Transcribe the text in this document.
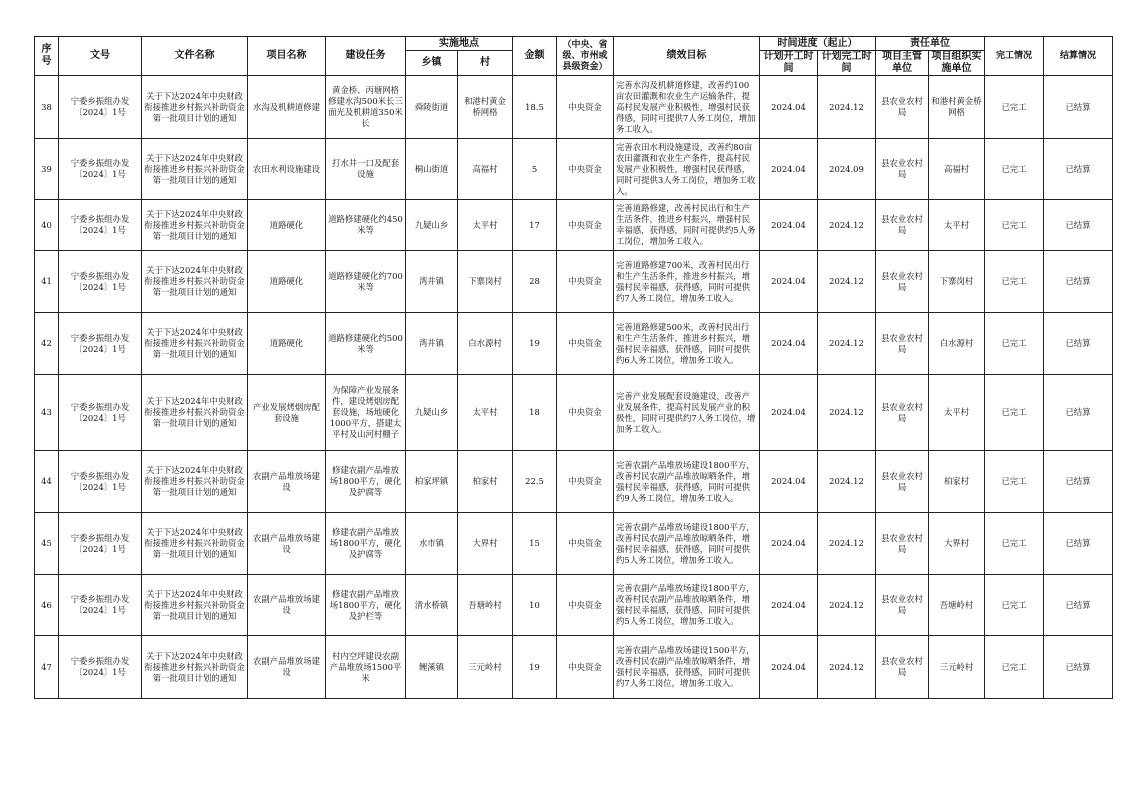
序号	文号	文件名称	项目名称	建设任务	实施地点		金额	（中央、省级、市州或县级资金）	绩效目标	时间进度（起止）		责任单位		完工情况	结算情况
					乡镇	村				计划开工时间	计划完工时间	项目主管单位	项目组织实施单位		
38	宁委乡振组办发〔2024〕1号	关于下达2024年中央财政衔接推进乡村振兴补助资金第一批项目计划的通知	水沟及机耕道修建	黄金桥、丙塘网格修建水沟500米长三面光及机耕道350米长	舜陵街道	和港村黄金桥网格	18.5	中央资金	完善水沟及机耕道修建，改善约100亩农田灌溉和农业生产运输条件，提高村民发展产业积极性，增强村民获得感，同时可提供7人务工岗位，增加务工收入。	2024.04	2024.12	县农业农村局	和港村黄金桥网格	已完工	已结算
39	宁委乡振组办发〔2024〕1号	关于下达2024年中央财政衔接推进乡村振兴补助资金第一批项目计划的通知	农田水利设施建设	打水井一口及配套设施	桐山街道	高福村	5	中央资金	完善农田水利设施建设，改善约80亩农田灌溉和农业生产条件，提高村民发展产业积极性，增强村民获得感，同时可提供3人务工岗位，增加务工收入。	2024.04	2024.09	县农业农村局	高福村	已完工	已结算
40	宁委乡振组办发〔2024〕1号	关于下达2024年中央财政衔接推进乡村振兴补助资金第一批项目计划的通知	道路硬化	道路修建硬化约450米等	九疑山乡	太平村	17	中央资金	完善道路修建，改善村民出行和生产生活条件，推进乡村振兴，增强村民幸福感，获得感，同时可提供约5人务工岗位，增加务工收入。	2024.04	2024.12	县农业农村局	太平村	已完工	已结算
41	宁委乡振组办发〔2024〕1号	关于下达2024年中央财政衔接推进乡村振兴补助资金第一批项目计划的通知	道路硬化	道路修建硬化约700米等	湾井镇	下寨岗村	28	中央资金	完善道路修建700米，改善村民出行和生产生活条件，推进乡村振兴，增强村民幸福感，获得感，同时可提供约7人务工岗位，增加务工收入。	2024.04	2024.12	县农业农村局	下寨岗村	已完工	已结算
42	宁委乡振组办发〔2024〕1号	关于下达2024年中央财政衔接推进乡村振兴补助资金第一批项目计划的通知	道路硬化	道路修建硬化约500米等	湾井镇	白水源村	19	中央资金	完善道路修建500米，改善村民出行和生产生活条件，推进乡村振兴，增强村民幸福感，获得感，同时可提供约6人务工岗位，增加务工收入。	2024.04	2024.12	县农业农村局	白水源村	已完工	已结算
43	宁委乡振组办发〔2024〕1号	关于下达2024年中央财政衔接推进乡村振兴补助资金第一批项目计划的通知	产业发展烤烟房配套设施	为保障产业发展条件，建设烤烟房配套设施，场地硬化1000平方，搭建太平村及山河村棚子	九疑山乡	太平村	18	中央资金	完善产业发展配套设施建设，改善产业发展条件，提高村民发展产业的积极性，同时可提供约7人务工岗位，增加务工收入。	2024.04	2024.12	县农业农村局	太平村	已完工	已结算
44	宁委乡振组办发〔2024〕1号	关于下达2024年中央财政衔接推进乡村振兴补助资金第一批项目计划的通知	农副产品堆放场建设	修建农副产品堆放场1800平方，硬化及护腐等	柏家坪镇	柏家村	22.5	中央资金	完善农副产品堆放场建设1800平方，改善村民农副产品堆放晾晒条件，增强村民幸福感，获得感，同时可提供约9人务工岗位，增加务工收入。	2024.04	2024.12	县农业农村局	柏家村	已完工	已结算
45	宁委乡振组办发〔2024〕1号	关于下达2024年中央财政衔接推进乡村振兴补助资金第一批项目计划的通知	农副产品堆放场建设	修建农副产品堆放场1800平方，硬化及护腐等	水市镇	大界村	15	中央资金	完善农副产品堆放场建设1800平方，改善村民农副产品堆放晾晒条件，增强村民幸福感，获得感，同时可提供约5人务工岗位，增加务工收入。	2024.04	2024.12	县农业农村局	大界村	已完工	已结算
46	宁委乡振组办发〔2024〕1号	关于下达2024年中央财政衔接推进乡村振兴补助资金第一批项目计划的通知	农副产品堆放场建设	修建农副产品堆放场1800平方，硬化及护栏等	清水桥镇	吾塘岭村	10	中央资金	完善农副产品堆放场建设1800平方，改善村民农副产品堆放晾晒条件，增强村民幸福感，获得感，同时可提供约5人务工岗位，增加务工收入。	2024.04	2024.12	县农业农村局	吾塘岭村	已完工	已结算
47	宁委乡振组办发〔2024〕1号	关于下达2024年中央财政衔接推进乡村振兴补助资金第一批项目计划的通知	农副产品堆放场建设	村内空坪建设农副产品堆放场1500平米	鲤溪镇	三元岭村	19	中央资金	完善农副产品堆放场建设1500平方，改善村民农副产品堆放晾晒条件，增强村民幸福感，获得感，同时可提供约7人务工岗位，增加务工收入。	2024.04	2024.12	县农业农村局	三元岭村	已完工	已结算
